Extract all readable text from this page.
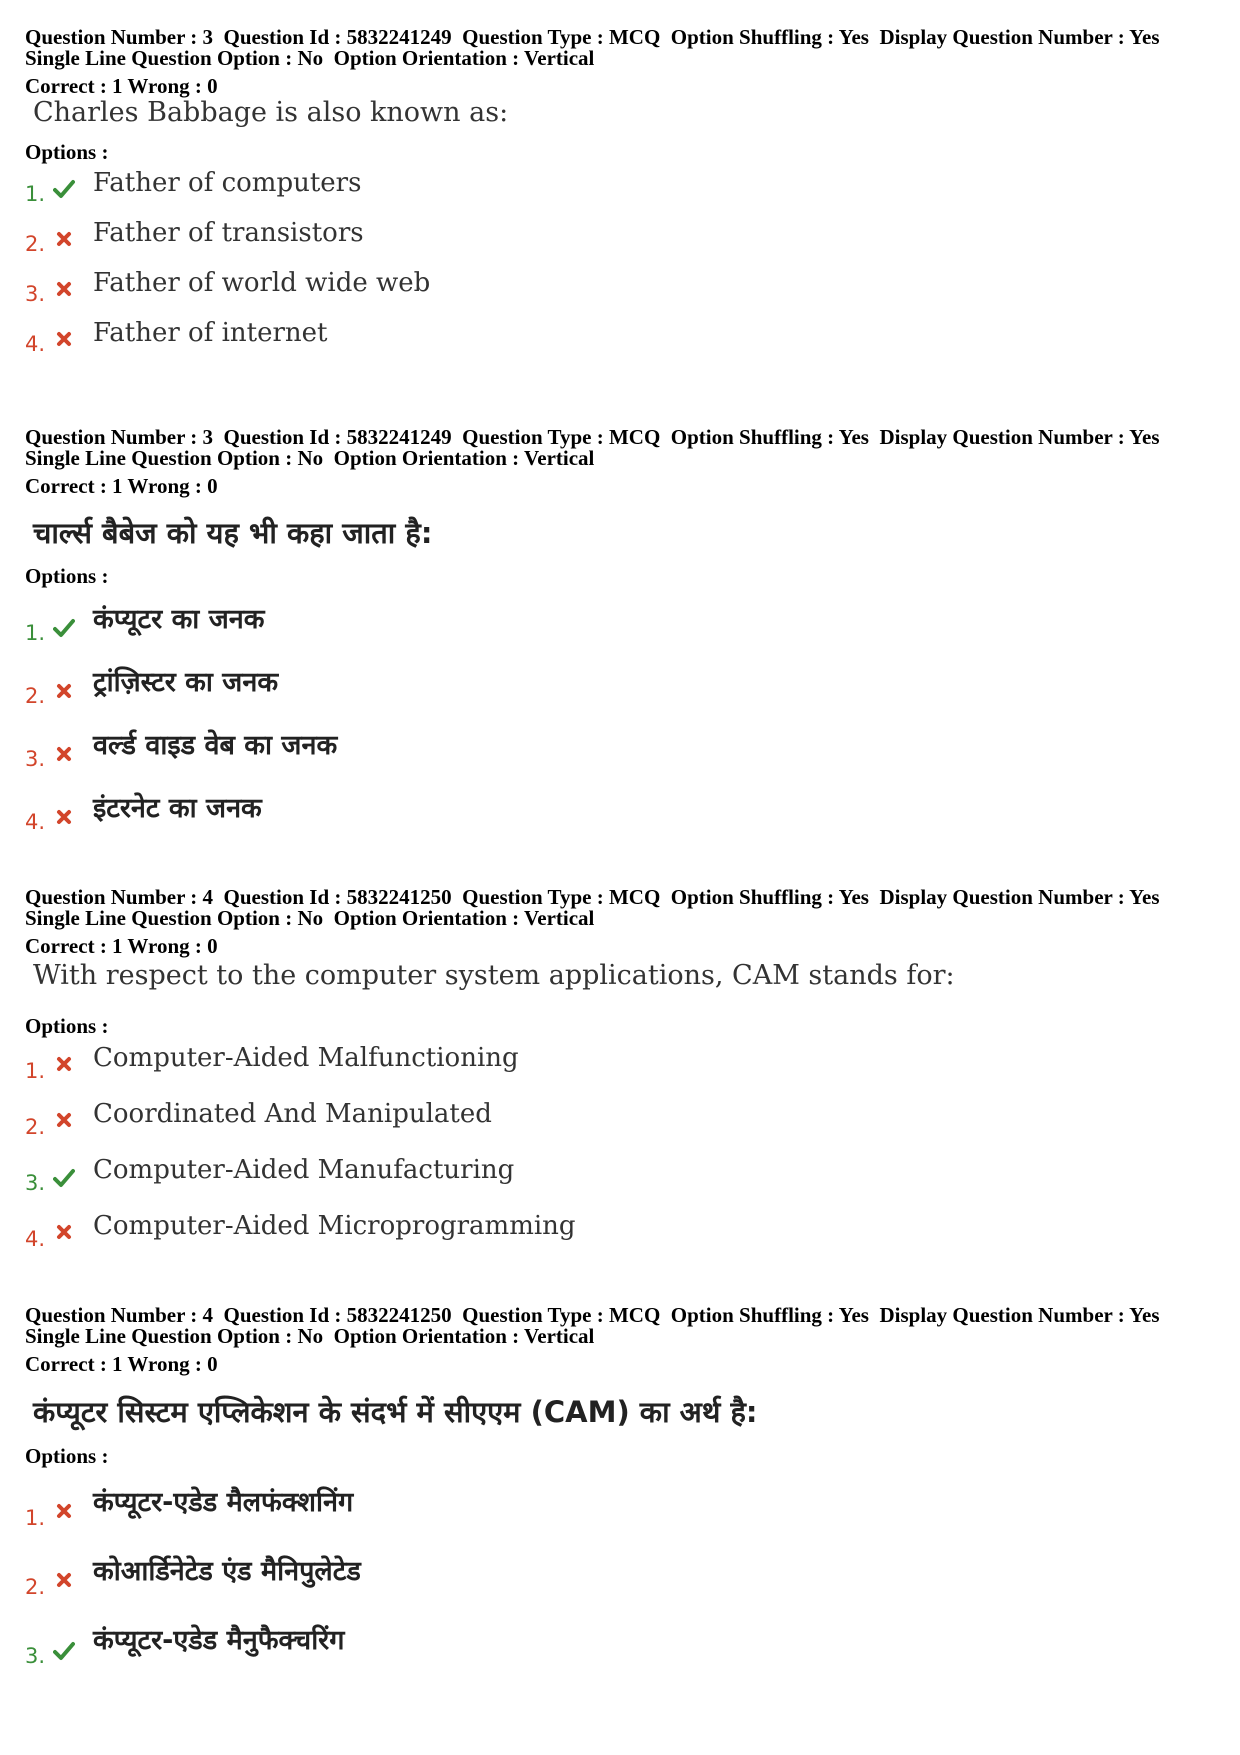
Question Number : 3  Question Id : 5832241249  Question Type : MCQ  Option Shuffling : Yes  Display Question Number : Yes
Single Line Question Option : No  Option Orientation : Vertical
Correct : 1 Wrong : 0
Charles Babbage is also known as:
Options :
1. Father of computers
2. Father of transistors
3. Father of world wide web
4. Father of internet
Question Number : 3  Question Id : 5832241249  Question Type : MCQ  Option Shuffling : Yes  Display Question Number : Yes
Single Line Question Option : No  Option Orientation : Vertical
Correct : 1 Wrong : 0
चार्ल्स बैबेज को यह भी कहा जाता है:
Options :
1. कंप्यूटर का जनक
2. ट्रांज़िस्टर का जनक
3. वर्ल्ड वाइड वेब का जनक
4. इंटरनेट का जनक
Question Number : 4  Question Id : 5832241250  Question Type : MCQ  Option Shuffling : Yes  Display Question Number : Yes
Single Line Question Option : No  Option Orientation : Vertical
Correct : 1 Wrong : 0
With respect to the computer system applications, CAM stands for:
Options :
1. Computer-Aided Malfunctioning
2. Coordinated And Manipulated
3. Computer-Aided Manufacturing
4. Computer-Aided Microprogramming
Question Number : 4  Question Id : 5832241250  Question Type : MCQ  Option Shuffling : Yes  Display Question Number : Yes
Single Line Question Option : No  Option Orientation : Vertical
Correct : 1 Wrong : 0
कंप्यूटर सिस्टम एप्लिकेशन के संदर्भ में सीएएम (CAM) का अर्थ है:
Options :
1. कंप्यूटर-एडेड मैलफंक्शनिंग
2. कोआर्डिनेटेड एंड मैनिपुलेटेड
3. कंप्यूटर-एडेड मैनुफैक्चरिंग
